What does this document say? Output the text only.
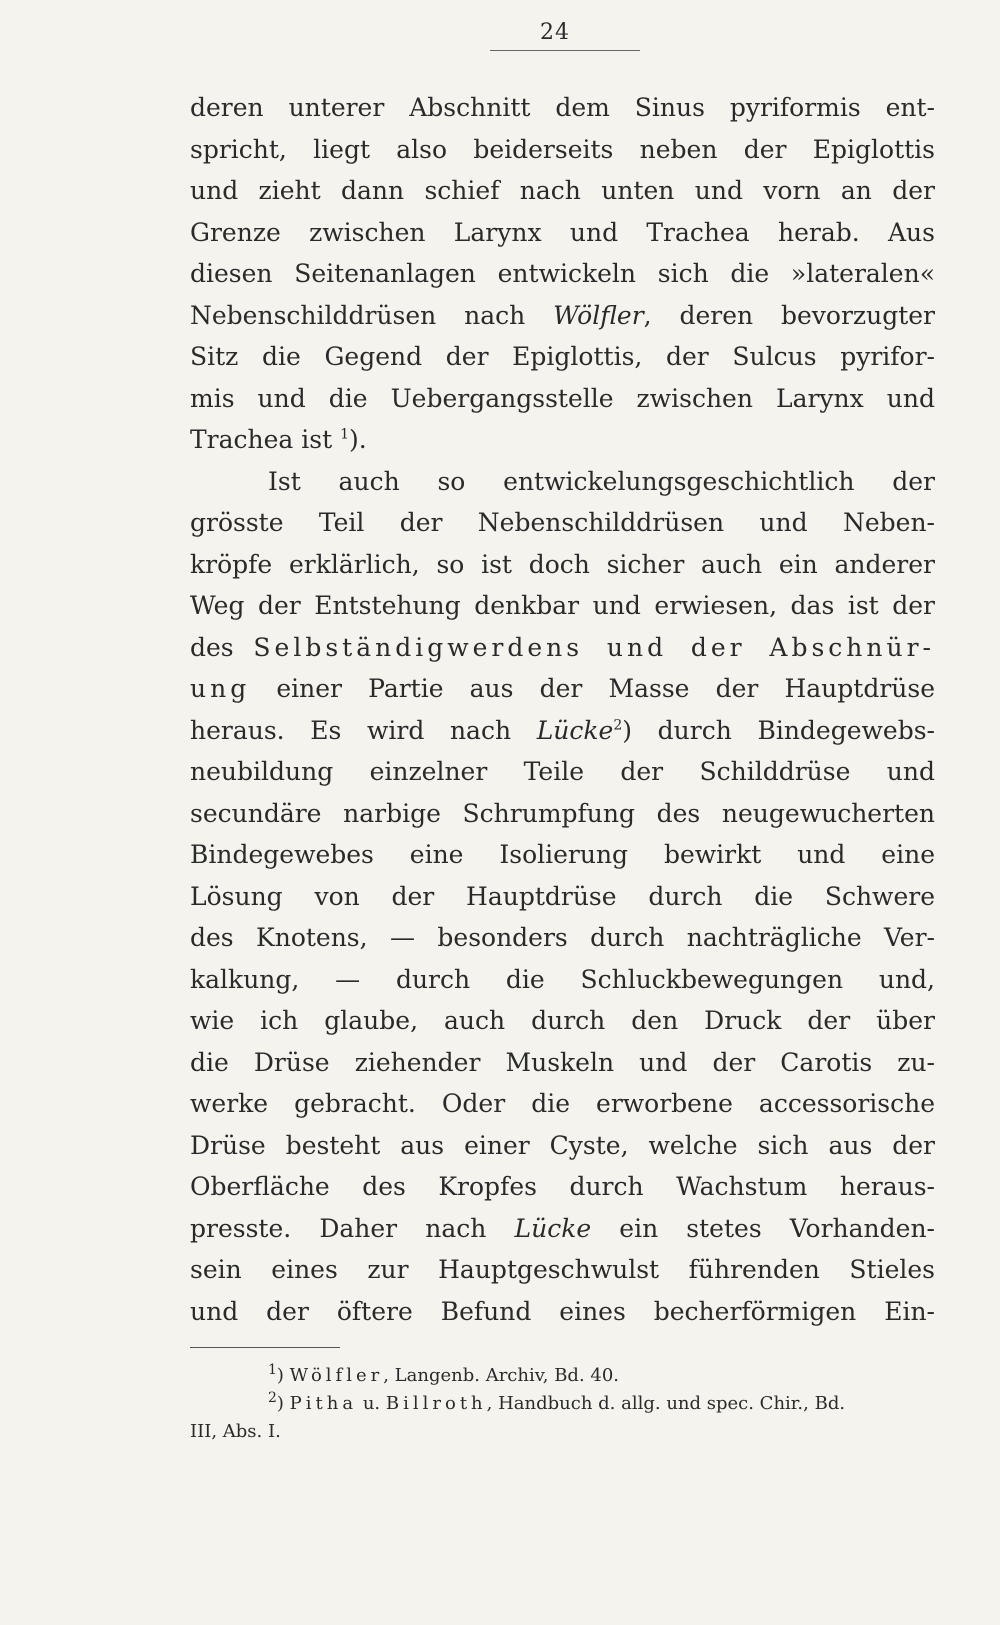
24
deren unterer Abschnitt dem Sinus pyriformis ent-
spricht, liegt also beiderseits neben der Epiglottis
und zieht dann schief nach unten und vorn an der
Grenze zwischen Larynx und Trachea herab. Aus
diesen Seitenanlagen entwickeln sich die »lateralen«
Nebenschilddrüsen nach Wölfler, deren bevorzugter
Sitz die Gegend der Epiglottis, der Sulcus pyrifor-
mis und die Uebergangsstelle zwischen Larynx und
Trachea ist $^1$).
Ist auch so entwickelungsgeschichtlich der
grösste Teil der Nebenschilddrüsen und Neben-
kröpfe erklärlich, so ist doch sicher auch ein anderer
Weg der Entstehung denkbar und erwiesen, das ist der
des Selbständigwerdens und der Abschnür-
ung einer Partie aus der Masse der Hauptdrüse
heraus. Es wird nach Lücke$^2$) durch Bindegewebs-
neubildung einzelner Teile der Schilddrüse und
secundäre narbige Schrumpfung des neugewucherten
Bindegewebes eine Isolierung bewirkt und eine
Lösung von der Hauptdrüse durch die Schwere
des Knotens, — besonders durch nachträgliche Ver-
kalkung, — durch die Schluckbewegungen und,
wie ich glaube, auch durch den Druck der über
die Drüse ziehender Muskeln und der Carotis zu-
werke gebracht. Oder die erworbene accessorische
Drüse besteht aus einer Cyste, welche sich aus der
Oberfläche des Kropfes durch Wachstum heraus-
presste. Daher nach Lücke ein stetes Vorhanden-
sein eines zur Hauptgeschwulst führenden Stieles
und der öftere Befund eines becherförmigen Ein-
$^1$) Wölfler, Langenb. Archiv, Bd. 40.
$^2$) Pitha u. Billroth, Handbuch d. allg. und spec. Chir., Bd.
III, Abs. I.
